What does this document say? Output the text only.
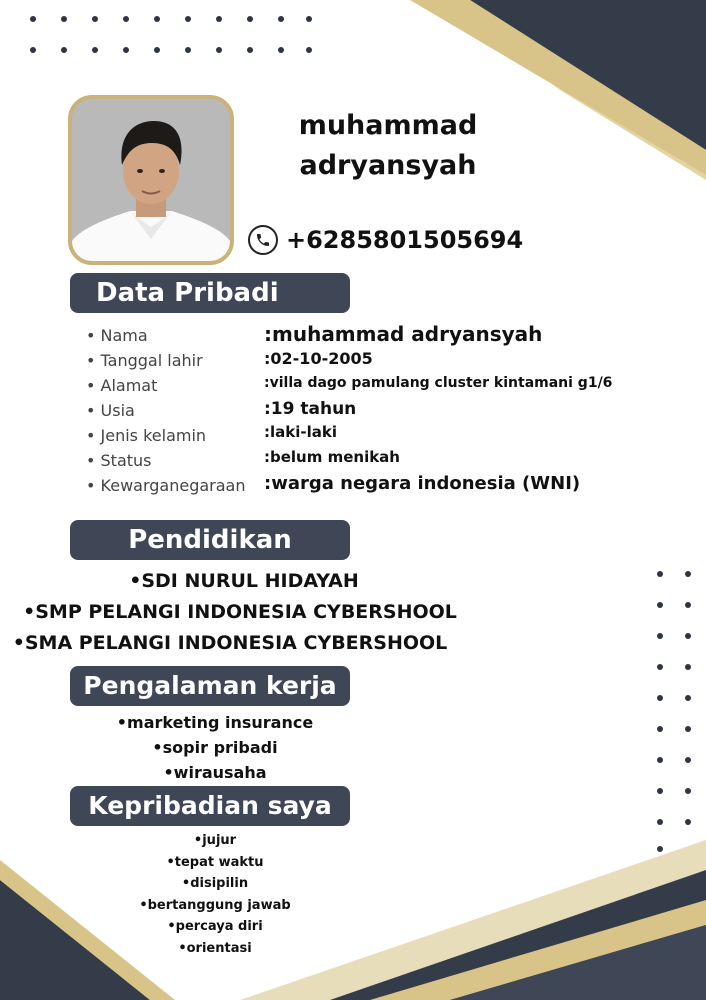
muhammad
adryansyah
+6285801505694
Data Pribadi
• Nama	:muhammad adryansyah
• Tanggal lahir	:02-10-2005
• Alamat	:villa dago pamulang cluster kintamani g1/6
• Usia	:19 tahun
• Jenis kelamin	:laki-laki
• Status	:belum menikah
• Kewarganegaraan :warga negara indonesia (WNI)
Pendidikan
•SDI NURUL HIDAYAH
•SMP PELANGI INDONESIA CYBERSHOOL
•SMA PELANGI INDONESIA CYBERSHOOL
Pengalaman kerja
•marketing insurance
•sopir pribadi
•wirausaha
Kepribadian saya
•jujur
•tepat waktu
•disipilin
•bertanggung jawab
•percaya diri
•orientasi
